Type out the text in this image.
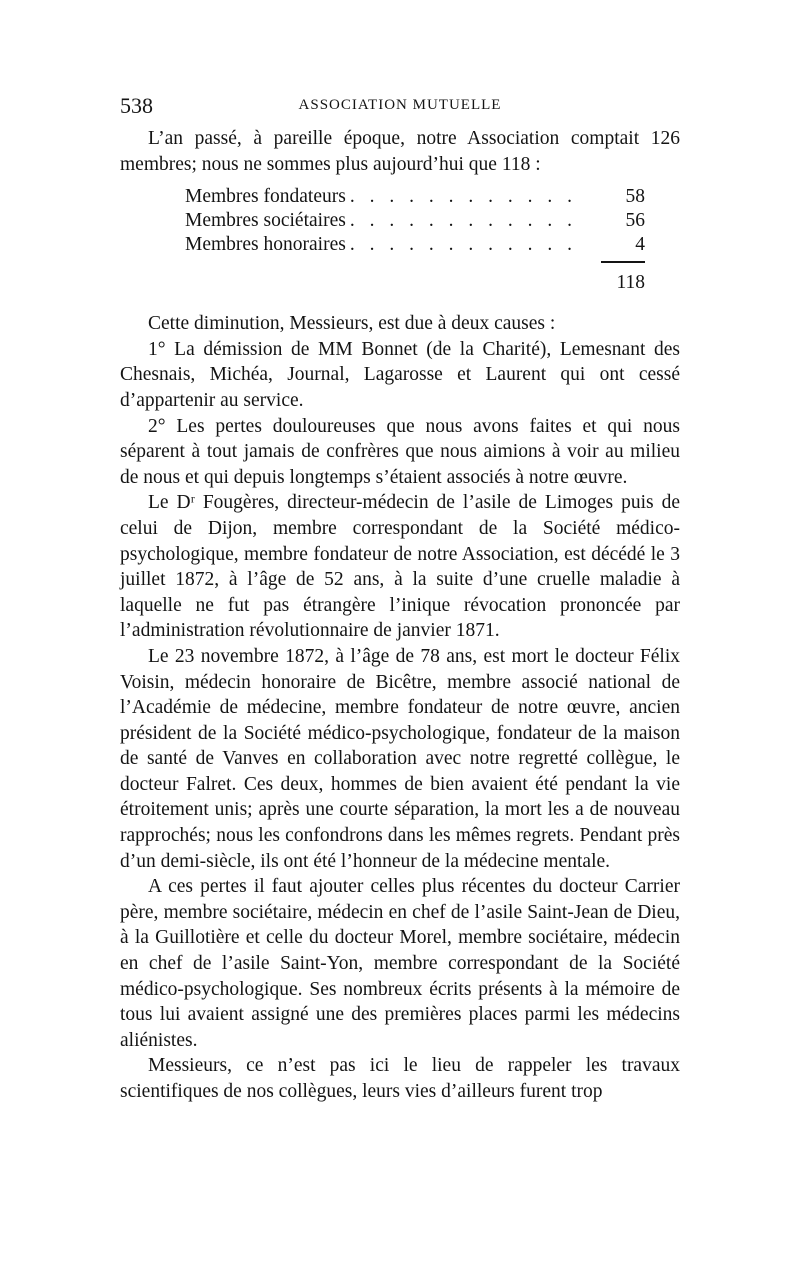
538	ASSOCIATION MUTUELLE

L’an passé, à pareille époque, notre Association comptait 126 membres; nous ne sommes plus aujourd’hui que 118 :

Membres fondateurs . . . . . . . . . . . .	58
Membres sociétaires . . . . . . . . . . . .	56
Membres honoraires . . . . . . . . . . . .	4
118

Cette diminution, Messieurs, est due à deux causes :

1° La démission de MM Bonnet (de la Charité), Lemesnant des Chesnais, Michéa, Journal, Lagarosse et Laurent qui ont cessé d’appartenir au service.

2° Les pertes douloureuses que nous avons faites et qui nous séparent à tout jamais de confrères que nous aimions à voir au milieu de nous et qui depuis longtemps s’étaient associés à notre œuvre.

Le Dʳ Fougères, directeur-médecin de l’asile de Limoges puis de celui de Dijon, membre correspondant de la Société médico-psychologique, membre fondateur de notre Association, est décédé le 3 juillet 1872, à l’âge de 52 ans, à la suite d’une cruelle maladie à laquelle ne fut pas étrangère l’inique révocation prononcée par l’administration révolutionnaire de janvier 1871.

Le 23 novembre 1872, à l’âge de 78 ans, est mort le docteur Félix Voisin, médecin honoraire de Bicêtre, membre associé national de l’Académie de médecine, membre fondateur de notre œuvre, ancien président de la Société médico-psychologique, fondateur de la maison de santé de Vanves en collaboration avec notre regretté collègue, le docteur Falret. Ces deux, hommes de bien avaient été pendant la vie étroitement unis; après une courte séparation, la mort les a de nouveau rapprochés; nous les confondrons dans les mêmes regrets. Pendant près d’un demi-siècle, ils ont été l’honneur de la médecine mentale.

A ces pertes il faut ajouter celles plus récentes du docteur Carrier père, membre sociétaire, médecin en chef de l’asile Saint-Jean de Dieu, à la Guillotière et celle du docteur Morel, membre sociétaire, médecin en chef de l’asile Saint-Yon, membre correspondant de la Société médico-psychologique. Ses nombreux écrits présents à la mémoire de tous lui avaient assigné une des premières places parmi les médecins aliénistes.

Messieurs, ce n’est pas ici le lieu de rappeler les travaux scientifiques de nos collègues, leurs vies d’ailleurs furent trop
